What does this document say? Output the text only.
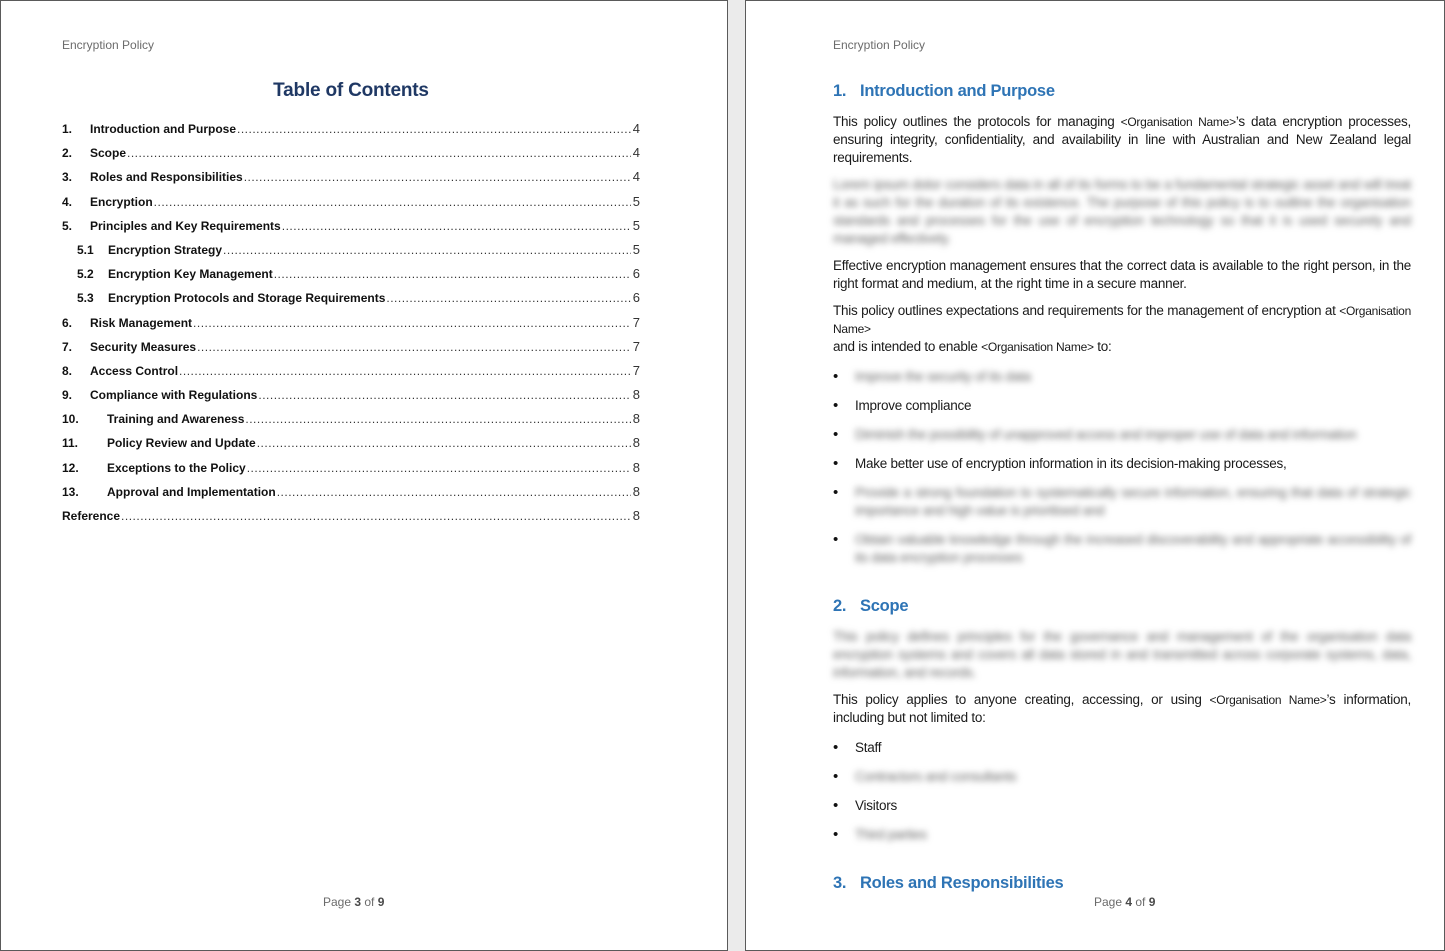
Encryption Policy
Table of Contents
1.	Introduction and Purpose .....	4
2.	Scope .....	4
3.	Roles and Responsibilities .....	4
4.	Encryption .....	5
5.	Principles and Key Requirements .....	5
5.1	Encryption Strategy .....	5
5.2	Encryption Key Management .....	6
5.3	Encryption Protocols and Storage Requirements .....	6
6.	Risk Management .....	7
7.	Security Measures .....	7
8.	Access Control .....	7
9.	Compliance with Regulations .....	8
10.	Training and Awareness .....	8
11.	Policy Review and Update .....	8
12.	Exceptions to the Policy .....	8
13.	Approval and Implementation .....	8
Reference .....	8
Page 3 of 9
Encryption Policy
1. Introduction and Purpose

This policy outlines the protocols for managing <Organisation Name>’s data encryption processes, ensuring integrity, confidentiality, and availability in line with Australian and New Zealand legal requirements.

Lorem ipsum dolor considers data in all of its forms to be a fundamental strategic asset and will treat it as such for the duration of its existence. The purpose of this policy is to outline the organisation standards and processes for the use of encryption technology so that it is used securely and managed effectively.

Effective encryption management ensures that the correct data is available to the right person, in the right format and medium, at the right time in a secure manner.

This policy outlines expectations and requirements for the management of encryption at <Organisation Name>
and is intended to enable <Organisation Name> to:

• Improve the security of its data
• Improve compliance
• Diminish the possibility of unapproved access and improper use of data and information
• Make better use of encryption information in its decision-making processes,
• Provide a strong foundation to systematically secure information, ensuring that data of strategic importance and high value is prioritised and
• Obtain valuable knowledge through the increased discoverability and appropriate accessibility of its data encryption processes
2. Scope

This policy defines principles for the governance and management of the organisation data encryption systems and covers all data stored in and transmitted across corporate systems, data, information, and records.

This policy applies to anyone creating, accessing, or using <Organisation Name>’s information, including but not limited to:

• Staff
• Contractors and consultants
• Visitors
• Third parties
3. Roles and Responsibilities
Page 4 of 9
